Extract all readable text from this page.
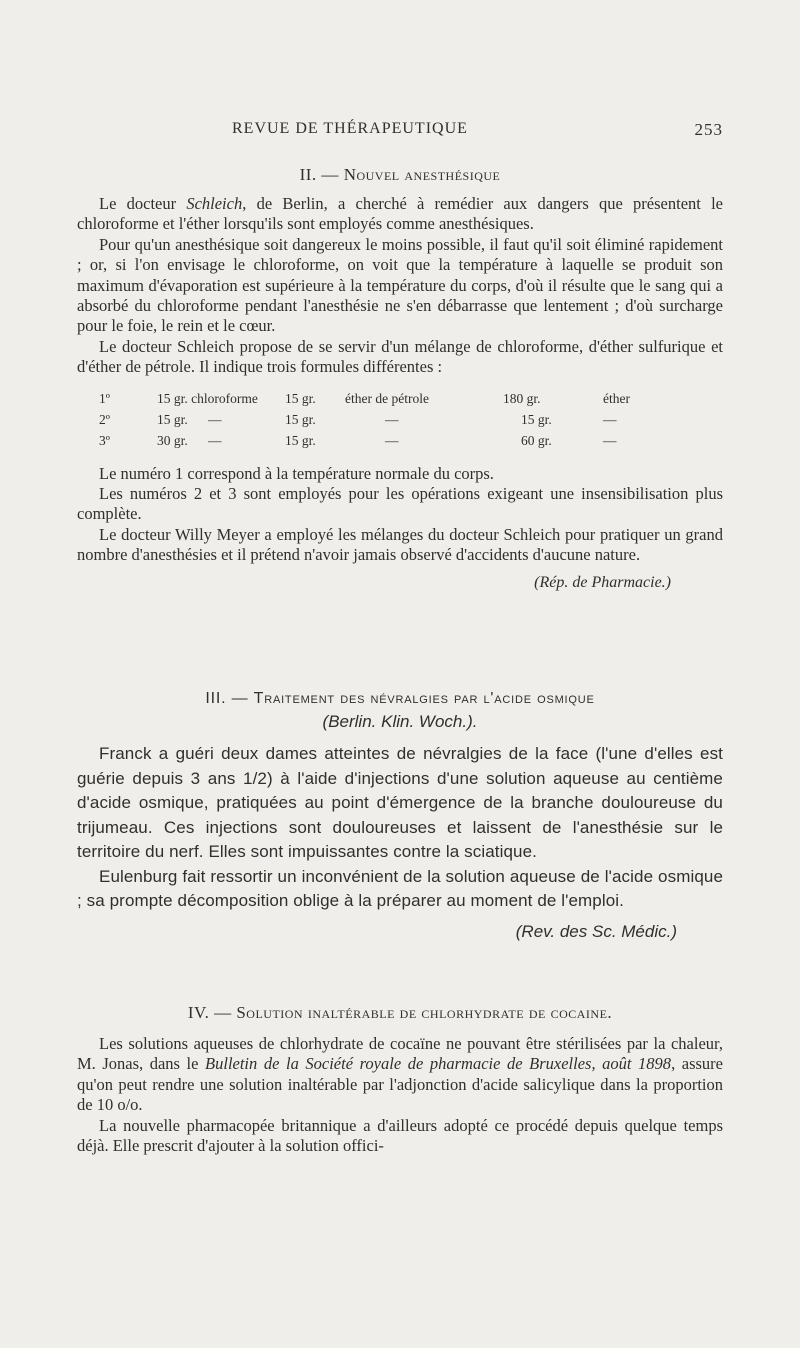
REVUE DE THÉRAPEUTIQUE	253
II. — Nouvel anesthésique

Le docteur Schleich, de Berlin, a cherché à remédier aux dangers que présentent le chloroforme et l'éther lorsqu'ils sont employés comme anesthésiques.

Pour qu'un anesthésique soit dangereux le moins possible, il faut qu'il soit éliminé rapidement ; or, si l'on envisage le chloroforme, on voit que la température à laquelle se produit son maximum d'évaporation est supérieure à la température du corps, d'où il résulte que le sang qui a absorbé du chloroforme pendant l'anesthésie ne s'en débarrasse que lentement ; d'où surcharge pour le foie, le rein et le cœur.

Le docteur Schleich propose de se servir d'un mélange de chloroforme, d'éther sulfurique et d'éther de pétrole. Il indique trois formules différentes :

1º	15 gr. chloroforme	15 gr.	éther de pétrole	180 gr.	éther
2º	15 gr.      —	15 gr.	—	15 gr.	—
3º	30 gr.      —	15 gr.	—	60 gr.	—

Le numéro 1 correspond à la température normale du corps.

Les numéros 2 et 3 sont employés pour les opérations exigeant une insensibilisation plus complète.

Le docteur Willy Meyer a employé les mélanges du docteur Schleich pour pratiquer un grand nombre d'anesthésies et il prétend n'avoir jamais observé d'accidents d'aucune nature.

(Rép. de Pharmacie.)
III. — Traitement des névralgies par l'acide osmique
(Berlin. Klin. Woch.).

Franck a guéri deux dames atteintes de névralgies de la face (l'une d'elles est guérie depuis 3 ans 1/2) à l'aide d'injections d'une solution aqueuse au centième d'acide osmique, pratiquées au point d'émergence de la branche douloureuse du trijumeau. Ces injections sont douloureuses et laissent de l'anesthésie sur le territoire du nerf. Elles sont impuissantes contre la sciatique.

Eulenburg fait ressortir un inconvénient de la solution aqueuse de l'acide osmique ; sa prompte décomposition oblige à la préparer au moment de l'emploi.

(Rev. des Sc. Médic.)
IV. — Solution inaltérable de chlorhydrate de cocaine.

Les solutions aqueuses de chlorhydrate de cocaïne ne pouvant être stérilisées par la chaleur, M. Jonas, dans le Bulletin de la Société royale de pharmacie de Bruxelles, août 1898, assure qu'on peut rendre une solution inaltérable par l'adjonction d'acide salicylique dans la proportion de 10 o/o.

La nouvelle pharmacopée britannique a d'ailleurs adopté ce procédé depuis quelque temps déjà. Elle prescrit d'ajouter à la solution offici-
